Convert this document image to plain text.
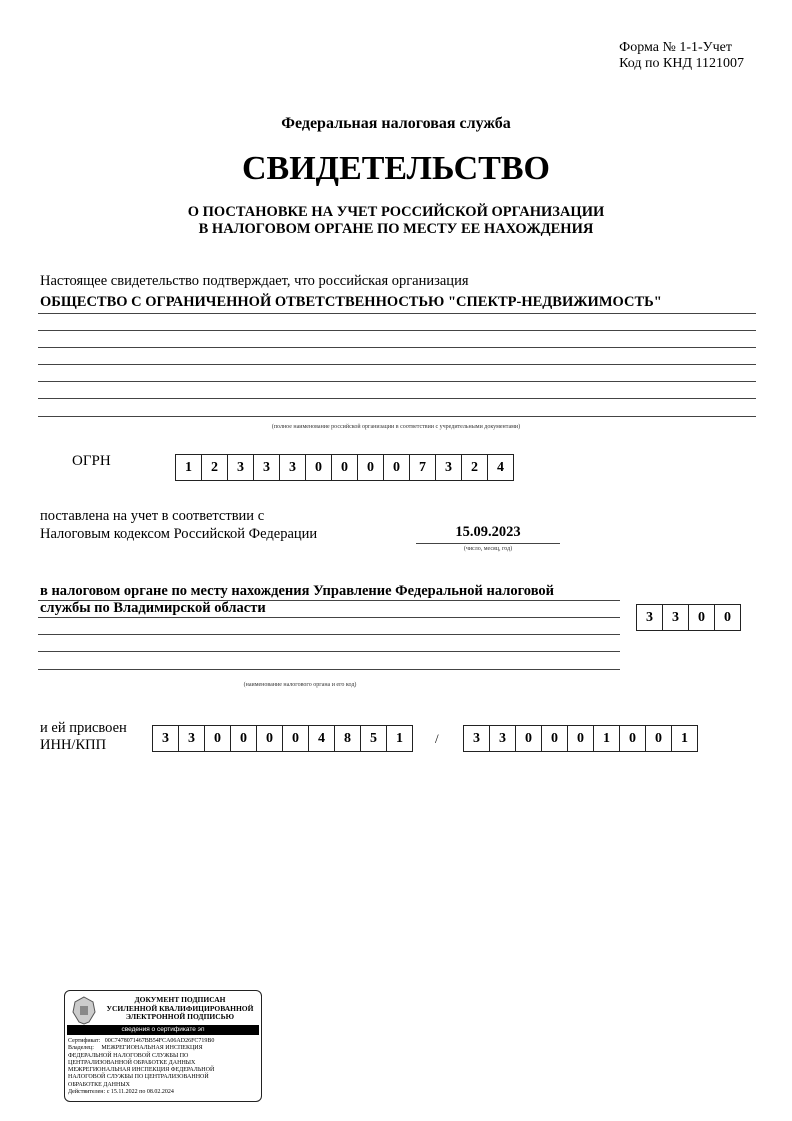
Форма № 1-1-Учет
Код по КНД 1121007
Федеральная налоговая служба
СВИДЕТЕЛЬСТВО
О ПОСТАНОВКЕ НА УЧЕТ РОССИЙСКОЙ ОРГАНИЗАЦИИ
В НАЛОГОВОМ ОРГАНЕ ПО МЕСТУ ЕЕ НАХОЖДЕНИЯ
Настоящее свидетельство подтверждает, что российская организация
ОБЩЕСТВО С ОГРАНИЧЕННОЙ ОТВЕТСТВЕННОСТЬЮ "СПЕКТР-НЕДВИЖИМОСТЬ"
(полное наименование российской организации в соответствии с учредительными документами)
ОГРН	1	2	3	3	3	0	0	0	0	7	3	2	4
поставлена на учет в соответствии с
Налоговым кодексом Российской Федерации	15.09.2023
(число, месяц, год)
в налоговом органе по месту нахождения Управление Федеральной налоговой
службы по Владимирской области
3	3	0	0
(наименование налогового органа и его код)
и ей присвоен
ИНН/КПП	3	3	0	0	0	0	4	8	5	1	/	3	3	0	0	0	1	0	0	1
ДОКУМЕНТ ПОДПИСАН
УСИЛЕННОЙ КВАЛИФИЦИРОВАННОЙ
ЭЛЕКТРОННОЙ ПОДПИСЬЮ
сведения о сертификате эп
Сертификат: 00C7478071467BB54FCA06AD26FC719B0
Владелец: МЕЖРЕГИОНАЛЬНАЯ ИНСПЕКЦИЯ
ФЕДЕРАЛЬНОЙ НАЛОГОВОЙ СЛУЖБЫ ПО
ЦЕНТРАЛИЗОВАННОЙ ОБРАБОТКЕ ДАННЫХ
МЕЖРЕГИОНАЛЬНАЯ ИНСПЕКЦИЯ ФЕДЕРАЛЬНОЙ
НАЛОГОВОЙ СЛУЖБЫ ПО ЦЕНТРАЛИЗОВАННОЙ
ОБРАБОТКЕ ДАННЫХ
Действителен: с 15.11.2022 по 08.02.2024
